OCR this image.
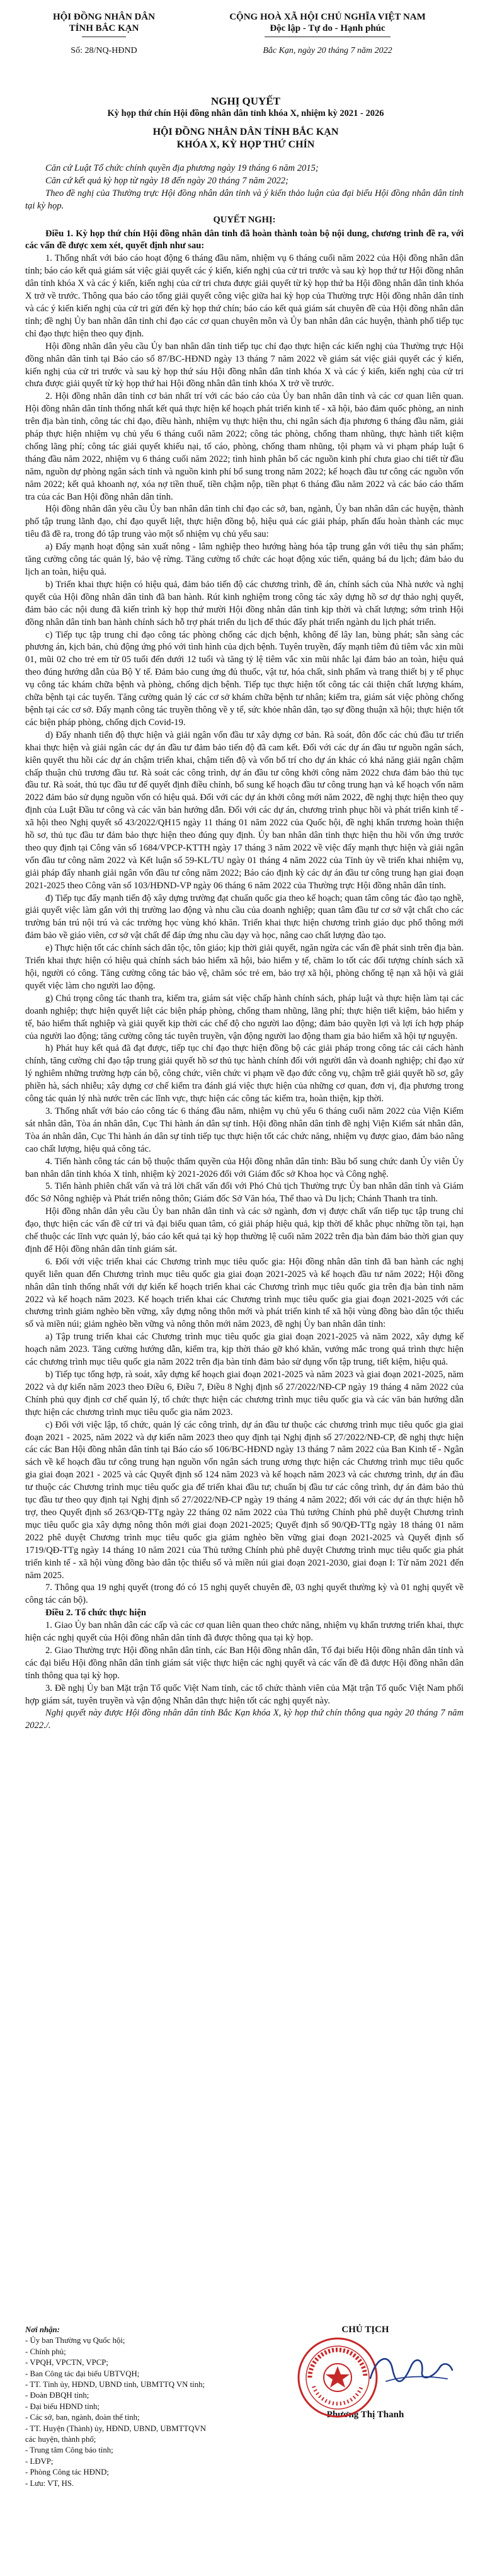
HỘI ĐỒNG NHÂN DÂN
TỈNH BẮC KẠN
Số: 28/NQ-HĐND
CỘNG HOÀ XÃ HỘI CHỦ NGHĨA VIỆT NAM
Độc lập - Tự do - Hạnh phúc
Bắc Kạn, ngày 20 tháng 7 năm 2022
NGHỊ QUYẾT
Kỳ họp thứ chín Hội đồng nhân dân tỉnh khóa X, nhiệm kỳ 2021 - 2026
HỘI ĐỒNG NHÂN DÂN TỈNH BẮC KẠN
KHÓA X, KỲ HỌP THỨ CHÍN

Căn cứ Luật Tổ chức chính quyền địa phương ngày 19 tháng 6 năm 2015;

Căn cứ kết quả kỳ họp từ ngày 18 đến ngày 20 tháng 7 năm 2022;

Theo đề nghị của Thường trực Hội đồng nhân dân tỉnh và ý kiến thảo luận của đại biểu Hội đồng nhân dân tỉnh tại kỳ họp.

QUYẾT NGHỊ:

Điều 1. Kỳ họp thứ chín Hội đồng nhân dân tỉnh đã hoàn thành toàn bộ nội dung, chương trình đề ra, với các vấn đề được xem xét, quyết định như sau:

1. Thống nhất với báo cáo hoạt động 6 tháng đầu năm, nhiệm vụ 6 tháng cuối năm 2022 của Hội đồng nhân dân tỉnh; báo cáo kết quả giám sát việc giải quyết các ý kiến, kiến nghị của cử tri trước và sau kỳ họp thứ tư Hội đồng nhân dân tỉnh khóa X và các ý kiến, kiến nghị của cử tri chưa được giải quyết từ kỳ họp thứ ba Hội đồng nhân dân tỉnh khóa X trở về trước. Thông qua báo cáo tổng giải quyết công việc giữa hai kỳ họp của Thường trực Hội đồng nhân dân tỉnh và các ý kiến kiến nghị của cử tri gửi đến kỳ họp thứ chín; báo cáo kết quả giám sát chuyên đề của Hội đồng nhân dân tỉnh; đề nghị Ủy ban nhân dân tỉnh chỉ đạo các cơ quan chuyên môn và Ủy ban nhân dân các huyện, thành phố tiếp tục chỉ đạo thực hiện theo quy định.

Hội đồng nhân dân yêu cầu Ủy ban nhân dân tỉnh tiếp tục chỉ đạo thực hiện các kiến nghị của Thường trực Hội đồng nhân dân tỉnh tại Báo cáo số 87/BC-HĐND ngày 13 tháng 7 năm 2022 về giám sát việc giải quyết các ý kiến, kiến nghị của cử tri trước và sau kỳ họp thứ sáu Hội đồng nhân dân tỉnh khóa X và các ý kiến, kiến nghị của cử tri chưa được giải quyết từ kỳ họp thứ hai Hội đồng nhân dân tỉnh khóa X trở về trước.

2. Hội đồng nhân dân tỉnh cơ bản nhất trí với các báo cáo của Ủy ban nhân dân tỉnh và các cơ quan liên quan. Hội đồng nhân dân tỉnh thống nhất kết quả thực hiện kế hoạch phát triển kinh tế - xã hội, bảo đảm quốc phòng, an ninh trên địa bàn tỉnh, công tác chỉ đạo, điều hành, nhiệm vụ thực hiện thu, chi ngân sách địa phương 6 tháng đầu năm, giải pháp thực hiện nhiệm vụ chủ yếu 6 tháng cuối năm 2022; công tác phòng, chống tham nhũng, thực hành tiết kiệm chống lãng phí; công tác giải quyết khiếu nại, tố cáo, phòng, chống tham nhũng, tội phạm và vi phạm pháp luật 6 tháng đầu năm 2022, nhiệm vụ 6 tháng cuối năm 2022; tình hình phân bổ các nguồn kinh phí chưa giao chi tiết từ đầu năm, nguồn dự phòng ngân sách tỉnh và nguồn kinh phí bổ sung trong năm 2022; kế hoạch đầu tư công các nguồn vốn năm 2022; kết quả khoanh nợ, xóa nợ tiền thuế, tiền chậm nộp, tiền phạt 6 tháng đầu năm 2022 và các báo cáo thẩm tra của các Ban Hội đồng nhân dân tỉnh.

Hội đồng nhân dân yêu cầu Ủy ban nhân dân tỉnh chỉ đạo các sở, ban, ngành, Ủy ban nhân dân các huyện, thành phố tập trung lãnh đạo, chỉ đạo quyết liệt, thực hiện đồng bộ, hiệu quả các giải pháp, phấn đấu hoàn thành các mục tiêu đã đề ra, trong đó tập trung vào một số nhiệm vụ chủ yếu sau:

a) Đẩy mạnh hoạt động sản xuất nông - lâm nghiệp theo hướng hàng hóa tập trung gắn với tiêu thụ sản phẩm; tăng cường công tác quản lý, bảo vệ rừng. Tăng cường tổ chức các hoạt động xúc tiến, quảng bá du lịch; đảm bảo du lịch an toàn, hiệu quả.

b) Triển khai thực hiện có hiệu quả, đảm bảo tiến độ các chương trình, đề án, chính sách của Nhà nước và nghị quyết của Hội đồng nhân dân tỉnh đã ban hành. Rút kinh nghiệm trong công tác xây dựng hồ sơ dự thảo nghị quyết, đảm bảo các nội dung đã kiến trình kỳ họp thứ mười Hội đồng nhân dân tỉnh kịp thời và chất lượng; sớm trình Hội đồng nhân dân tỉnh ban hành chính sách hỗ trợ phát triển du lịch để thúc đẩy phát triển ngành du lịch phát triển.

c) Tiếp tục tập trung chỉ đạo công tác phòng chống các dịch bệnh, không để lây lan, bùng phát; sẵn sàng các phương án, kịch bản, chủ động ứng phó với tình hình của dịch bệnh. Tuyên truyền, đẩy mạnh tiêm đủ tiêm vắc xin mũi 01, mũi 02 cho trẻ em từ 05 tuổi đến dưới 12 tuổi và tăng tỷ lệ tiêm vắc xin mũi nhắc lại đảm bảo an toàn, hiệu quả theo đúng hướng dẫn của Bộ Y tế. Đảm bảo cung ứng đủ thuốc, vật tư, hóa chất, sinh phẩm và trang thiết bị y tế phục vụ công tác khám chữa bệnh và phòng, chống dịch bệnh. Tiếp tục thực hiện tốt công tác cải thiện chất lượng khám, chữa bệnh tại các tuyến. Tăng cường quản lý các cơ sở khám chữa bệnh tư nhân; kiểm tra, giám sát việc phòng chống bệnh tại các cơ sở. Đẩy mạnh công tác truyền thông về y tế, sức khỏe nhân dân, tạo sự đồng thuận xã hội; thực hiện tốt các biện pháp phòng, chống dịch Covid-19.

d) Đẩy nhanh tiến độ thực hiện và giải ngân vốn đầu tư xây dựng cơ bản. Rà soát, đôn đốc các chủ đầu tư triển khai thực hiện và giải ngân các dự án đầu tư đảm bảo tiến độ đã cam kết. Đối với các dự án đầu tư nguồn ngân sách, kiên quyết thu hồi các dự án chậm triển khai, chậm tiến độ và vốn bố trí cho dự án khác có khả năng giải ngân chậm chấp thuận chủ trương đầu tư. Rà soát các công trình, dự án đầu tư công khởi công năm 2022 chưa đảm bảo thủ tục đầu tư. Rà soát, thủ tục đầu tư để quyết định điều chỉnh, bổ sung kế hoạch đầu tư công trung hạn và kế hoạch vốn năm 2022 đảm bảo sử dụng nguồn vốn có hiệu quả. Đối với các dự án khởi công mới năm 2022, đề nghị thực hiện theo quy định của Luật Đầu tư công và các văn bản hướng dẫn. Đối với các dự án, chương trình phục hồi và phát triển kinh tế - xã hội theo Nghị quyết số 43/2022/QH15 ngày 11 tháng 01 năm 2022 của Quốc hội, đề nghị khẩn trương hoàn thiện hồ sơ, thủ tục đầu tư đảm bảo thực hiện theo đúng quy định. Ủy ban nhân dân tỉnh thực hiện thu hồi vốn ứng trước theo quy định tại Công văn số 1684/VPCP-KTTH ngày 17 tháng 3 năm 2022 về việc đẩy mạnh thực hiện và giải ngân vốn đầu tư công năm 2022 và Kết luận số 59-KL/TU ngày 01 tháng 4 năm 2022 của Tỉnh ủy về triển khai nhiệm vụ, giải pháp đẩy nhanh giải ngân vốn đầu tư công năm 2022; Báo cáo định kỳ các dự án đầu tư công trung hạn giai đoạn 2021-2025 theo Công văn số 103/HĐND-VP ngày 06 tháng 6 năm 2022 của Thường trực Hội đồng nhân dân tỉnh.

đ) Tiếp tục đẩy mạnh tiến độ xây dựng trường đạt chuẩn quốc gia theo kế hoạch; quan tâm công tác đào tạo nghề, giải quyết việc làm gắn với thị trường lao động và nhu cầu của doanh nghiệp; quan tâm đầu tư cơ sở vật chất cho các trường bán trú nội trú và các trường học vùng khó khăn. Triển khai thực hiện chương trình giáo dục phổ thông mới đảm bảo về giáo viên, cơ sở vật chất để đáp ứng nhu cầu dạy và học, nâng cao chất lượng đào tạo.

e) Thực hiện tốt các chính sách dân tộc, tôn giáo; kịp thời giải quyết, ngăn ngừa các vấn đề phát sinh trên địa bàn. Triển khai thực hiện có hiệu quả chính sách bảo hiểm xã hội, bảo hiểm y tế, chăm lo tốt các đối tượng chính sách xã hội, người có công. Tăng cường công tác bảo vệ, chăm sóc trẻ em, bảo trợ xã hội, phòng chống tệ nạn xã hội và giải quyết việc làm cho người lao động.

g) Chú trọng công tác thanh tra, kiểm tra, giám sát việc chấp hành chính sách, pháp luật và thực hiện làm tại các doanh nghiệp; thực hiện quyết liệt các biện pháp phòng, chống tham nhũng, lãng phí; thực hiện tiết kiệm, bảo hiểm y tế, bảo hiểm thất nghiệp và giải quyết kịp thời các chế độ cho người lao động; đảm bảo quyền lợi và lợi ích hợp pháp của người lao động; tăng cường công tác tuyên truyền, vận động người lao động tham gia bảo hiểm xã hội tự nguyện.

h) Phát huy kết quả đã đạt được, tiếp tục chỉ đạo thực hiện đồng bộ các giải pháp trong công tác cải cách hành chính, tăng cường chỉ đạo tập trung giải quyết hồ sơ thủ tục hành chính đối với người dân và doanh nghiệp; chỉ đạo xử lý nghiêm những trường hợp cán bộ, công chức, viên chức vi phạm về đạo đức công vụ, chậm trễ giải quyết hồ sơ, gây phiền hà, sách nhiễu; xây dựng cơ chế kiểm tra đánh giá việc thực hiện của những cơ quan, đơn vị, địa phương trong công tác quản lý nhà nước trên các lĩnh vực, thực hiện các công tác kiểm tra, hoàn thiện, kịp thời.

3. Thống nhất với báo cáo công tác 6 tháng đầu năm, nhiệm vụ chủ yếu 6 tháng cuối năm 2022 của Viện Kiểm sát nhân dân, Tòa án nhân dân, Cục Thi hành án dân sự tỉnh. Hội đồng nhân dân tỉnh đề nghị Viện Kiểm sát nhân dân, Tòa án nhân dân, Cục Thi hành án dân sự tỉnh tiếp tục thực hiện tốt các chức năng, nhiệm vụ được giao, đảm bảo nâng cao chất lượng, hiệu quả công tác.

4. Tiến hành công tác cán bộ thuộc thẩm quyền của Hội đồng nhân dân tỉnh: Bầu bổ sung chức danh Ủy viên Ủy ban nhân dân tỉnh khóa X tỉnh, nhiệm kỳ 2021-2026 đối với Giám đốc sở Khoa học và Công nghệ.

5. Tiến hành phiên chất vấn và trả lời chất vấn đối với Phó Chủ tịch Thường trực Ủy ban nhân dân tỉnh và Giám đốc Sở Nông nghiệp và Phát triển nông thôn; Giám đốc Sở Văn hóa, Thể thao và Du lịch; Chánh Thanh tra tỉnh.

Hội đồng nhân dân yêu cầu Ủy ban nhân dân tỉnh và các sở ngành, đơn vị được chất vấn tiếp tục tập trung chỉ đạo, thực hiện các vấn đề cử tri và đại biểu quan tâm, có giải pháp hiệu quả, kịp thời để khắc phục những tồn tại, hạn chế thuộc các lĩnh vực quản lý, báo cáo kết quả tại kỳ họp thường lệ cuối năm 2022 trên địa bàn đảm bảo thời gian quy định để Hội đồng nhân dân tỉnh giám sát.

6. Đối với việc triển khai các Chương trình mục tiêu quốc gia: Hội đồng nhân dân tỉnh đã ban hành các nghị quyết liên quan đến Chương trình mục tiêu quốc gia giai đoạn 2021-2025 và kế hoạch đầu tư năm 2022; Hội đồng nhân dân tỉnh thống nhất với dự kiến kế hoạch triển khai các Chương trình mục tiêu quốc gia trên địa bàn tỉnh năm 2022 và kế hoạch năm 2023. Kế hoạch triển khai các Chương trình mục tiêu quốc gia giai đoạn 2021-2025 với các chương trình giảm nghèo bền vững, xây dựng nông thôn mới và phát triển kinh tế xã hội vùng đồng bào dân tộc thiểu số và miền núi; giảm nghèo bền vững và nông thôn mới năm 2023, đề nghị Ủy ban nhân dân tỉnh:

a) Tập trung triển khai các Chương trình mục tiêu quốc gia giai đoạn 2021-2025 và năm 2022, xây dựng kế hoạch năm 2023. Tăng cường hướng dẫn, kiểm tra, kịp thời tháo gỡ khó khăn, vướng mắc trong quá trình thực hiện các chương trình mục tiêu quốc gia năm 2022 trên địa bàn tỉnh đảm bảo sử dụng vốn tập trung, tiết kiệm, hiệu quả.

b) Tiếp tục tổng hợp, rà soát, xây dựng kế hoạch giai đoạn 2021-2025 và năm 2023 và giai đoạn 2021-2025, năm 2022 và dự kiến năm 2023 theo Điều 6, Điều 7, Điều 8 Nghị định số 27/2022/NĐ-CP ngày 19 tháng 4 năm 2022 của Chính phủ quy định cơ chế quản lý, tổ chức thực hiện các chương trình mục tiêu quốc gia và các văn bản hướng dẫn thực hiện các chương trình mục tiêu quốc gia năm 2023.

c) Đối với việc lập, tổ chức, quản lý các công trình, dự án đầu tư thuộc các chương trình mục tiêu quốc gia giai đoạn 2021 - 2025, năm 2022 và dự kiến năm 2023 theo quy định tại Nghị định số 27/2022/NĐ-CP, đề nghị thực hiện các các Ban Hội đồng nhân dân tỉnh tại Báo cáo số 106/BC-HĐND ngày 13 tháng 7 năm 2022 của Ban Kinh tế - Ngân sách về kế hoạch đầu tư công trung hạn nguồn vốn ngân sách trung ương thực hiện các Chương trình mục tiêu quốc gia giai đoạn 2021 - 2025 và các Quyết định số 124 năm 2023 và kế hoạch năm 2023 và các chương trình, dự án đầu tư thuộc các Chương trình mục tiêu quốc gia để triển khai đầu tư; chuẩn bị đầu tư các công trình, dự án đảm bảo thủ tục đầu tư theo quy định tại Nghị định số 27/2022/NĐ-CP ngày 19 tháng 4 năm 2022; đối với các dự án thực hiện hỗ trợ, theo Quyết định số 263/QĐ-TTg ngày 22 tháng 02 năm 2022 của Thủ tướng Chính phủ phê duyệt Chương trình mục tiêu quốc gia xây dựng nông thôn mới giai đoạn 2021-2025; Quyết định số 90/QĐ-TTg ngày 18 tháng 01 năm 2022 phê duyệt Chương trình mục tiêu quốc gia giảm nghèo bền vững giai đoạn 2021-2025 và Quyết định số 1719/QĐ-TTg ngày 14 tháng 10 năm 2021 của Thủ tướng Chính phủ phê duyệt Chương trình mục tiêu quốc gia phát triển kinh tế - xã hội vùng đồng bào dân tộc thiểu số và miền núi giai đoạn 2021-2030, giai đoạn I: Từ năm 2021 đến năm 2025.

7. Thông qua 19 nghị quyết (trong đó có 15 nghị quyết chuyên đề, 03 nghị quyết thường kỳ và 01 nghị quyết về công tác cán bộ).

Điều 2. Tổ chức thực hiện

1. Giao Ủy ban nhân dân các cấp và các cơ quan liên quan theo chức năng, nhiệm vụ khẩn trương triển khai, thực hiện các nghị quyết của Hội đồng nhân dân tỉnh đã được thông qua tại kỳ họp.

2. Giao Thường trực Hội đồng nhân dân tỉnh, các Ban Hội đồng nhân dân, Tổ đại biểu Hội đồng nhân dân tỉnh và các đại biểu Hội đồng nhân dân tỉnh giám sát việc thực hiện các nghị quyết và các vấn đề đã được Hội đồng nhân dân tỉnh thông qua tại kỳ họp.

3. Đề nghị Ủy ban Mặt trận Tổ quốc Việt Nam tỉnh, các tổ chức thành viên của Mặt trận Tổ quốc Việt Nam phối hợp giám sát, tuyên truyền và vận động Nhân dân thực hiện tốt các nghị quyết này.

Nghị quyết này được Hội đồng nhân dân tỉnh Bắc Kạn khóa X, kỳ họp thứ chín thông qua ngày 20 tháng 7 năm 2022./.

Nơi nhận:
- Ủy ban Thường vụ Quốc hội;
- Chính phủ;
- VPQH, VPCTN, VPCP;
- Ban Công tác đại biểu UBTVQH;
- TT. Tỉnh ủy, HĐND, UBND tỉnh, UBMTTQ VN tỉnh;
- Đoàn ĐBQH tỉnh;
- Đại biểu HĐND tỉnh;
- Các sở, ban, ngành, đoàn thể tỉnh;
- TT. Huyện (Thành) ủy, HĐND, UBND, UBMTTQVN các huyện, thành phố;
- Trung tâm Công báo tỉnh;
- LĐVP;
- Phòng Công tác HĐND;
- Lưu: VT, HS.
CHỦ TỊCH
Phương Thị Thanh
